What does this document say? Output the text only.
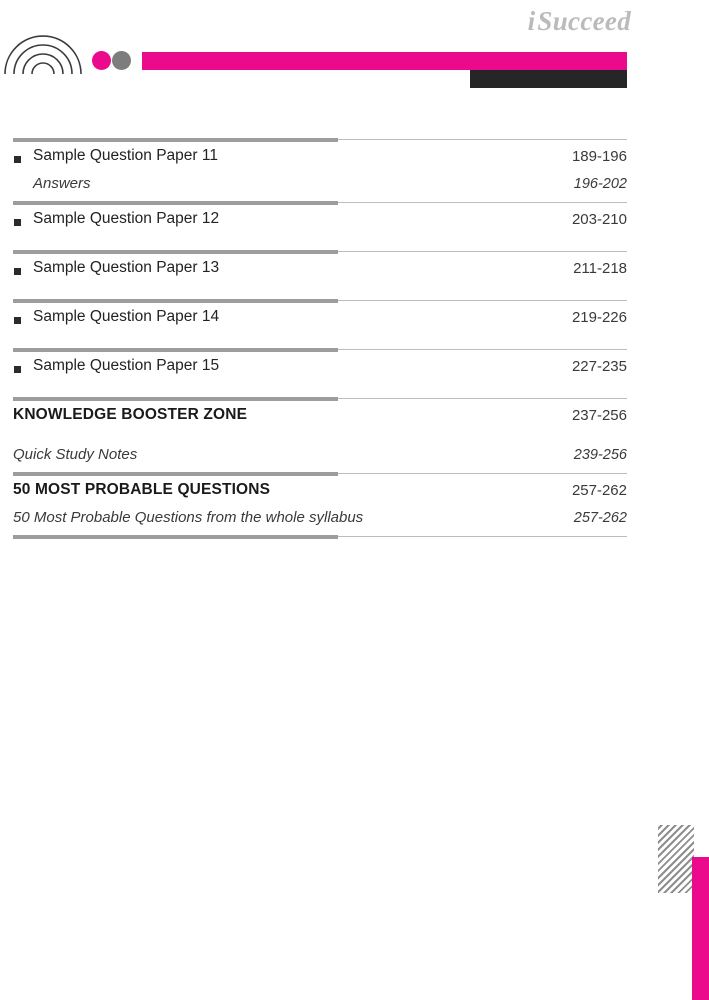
iSucceed
Sample Question Paper 11	189-196
Answers	196-202
Sample Question Paper 12	203-210
Sample Question Paper 13	211-218
Sample Question Paper 14	219-226
Sample Question Paper 15	227-235
KNOWLEDGE BOOSTER ZONE	237-256
Quick Study Notes	239-256
50 MOST PROBABLE QUESTIONS	257-262
50 Most Probable Questions from the whole syllabus	257-262
